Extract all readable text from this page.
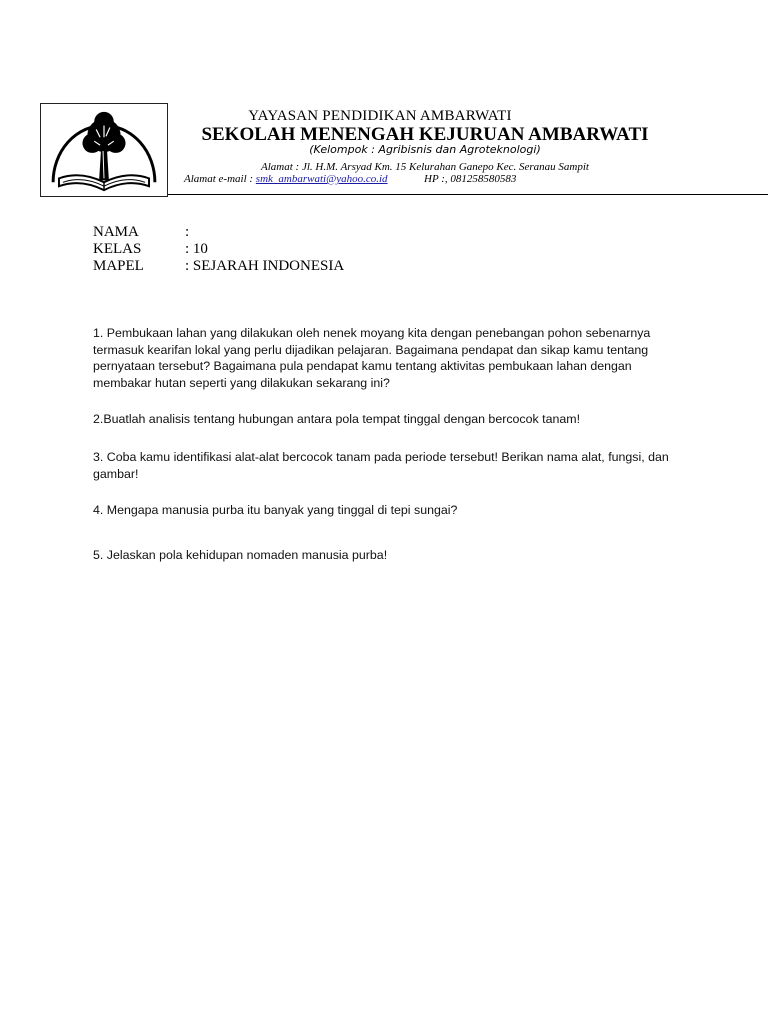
YAYASAN PENDIDIKAN AMBARWATI
SEKOLAH MENENGAH KEJURUAN AMBARWATI
(Kelompok : Agribisnis dan Agroteknologi)
Alamat : Jl. H.M. Arsyad Km. 15 Kelurahan Ganepo Kec. Seranau Sampit
Alamat e-mail : smk_ambarwati@yahoo.co.id	HP :, 081258580583
NAMA	:
KELAS	: 10
MAPEL	: SEJARAH INDONESIA

1. Pembukaan lahan yang dilakukan oleh nenek moyang kita dengan penebangan pohon sebenarnya termasuk kearifan lokal yang perlu dijadikan pelajaran. Bagaimana pendapat dan sikap kamu tentang pernyataan tersebut? Bagaimana pula pendapat kamu tentang aktivitas pembukaan lahan dengan membakar hutan seperti yang dilakukan sekarang ini?

2.Buatlah analisis tentang hubungan antara pola tempat tinggal dengan bercocok tanam!

3. Coba kamu identifikasi alat-alat bercocok tanam pada periode tersebut! Berikan nama alat, fungsi, dan gambar!

4. Mengapa manusia purba itu banyak yang tinggal di tepi sungai?

5. Jelaskan pola kehidupan nomaden manusia purba!
